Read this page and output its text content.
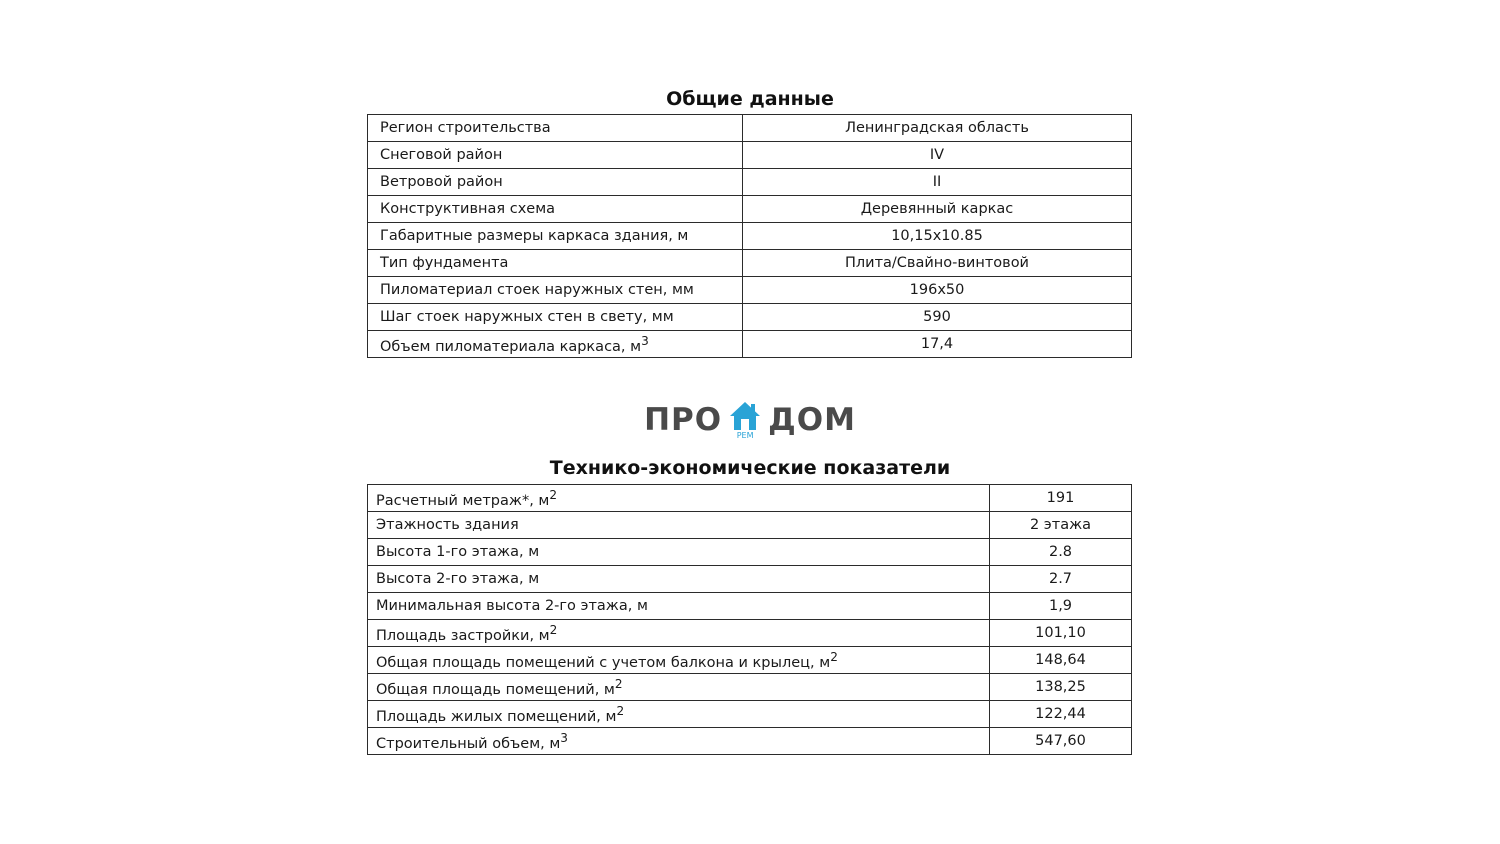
Общие данные
Регион строительства	Ленинградская область
Снеговой район	IV
Ветровой район	II
Конструктивная схема	Деревянный каркас
Габаритные размеры каркаса здания, м	10,15x10.85
Тип фундамента	Плита/Свайно-винтовой
Пиломатериал стоек наружных стен, мм	196x50
Шаг стоек наружных стен в свету, мм	590
Объем пиломатериала каркаса, $м^3$	17,4
ПРО	РЕМ ДОМ
Технико-экономические показатели
Расчетный метраж*, $м^2$	191
Этажность здания	2 этажа
Высота 1-го этажа, м	2.8
Высота 2-го этажа, м	2.7
Минимальная высота 2-го этажа, м	1,9
Площадь застройки, $м^2$	101,10
Общая площадь помещений с учетом балкона и крылец, $м^2$	148,64
Общая площадь помещений, $м^2$	138,25
Площадь жилых помещений, $м^2$	122,44
Строительный объем, $м^3$	547,60
